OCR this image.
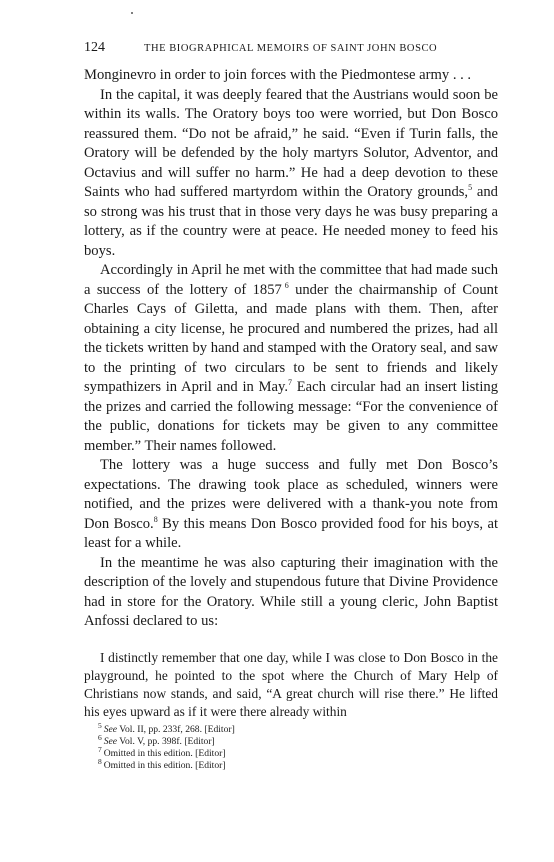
124	THE BIOGRAPHICAL MEMOIRS OF SAINT JOHN BOSCO

Monginevro in order to join forces with the Piedmontese army . . .

In the capital, it was deeply feared that the Austrians would soon be within its walls. The Oratory boys too were worried, but Don Bosco reassured them. “Do not be afraid,” he said. “Even if Turin falls, the Oratory will be defended by the holy martyrs Solutor, Adventor, and Octavius and will suffer no harm.” He had a deep devotion to these Saints who had suffered martyrdom within the Oratory grounds,$^5$ and so strong was his trust that in those very days he was busy preparing a lottery, as if the country were at peace. He needed money to feed his boys.

Accordingly in April he met with the committee that had made such a success of the lottery of 1857  $^6$ under the chairmanship of Count Charles Cays of Giletta, and made plans with them. Then, after obtaining a city license, he procured and numbered the prizes, had all the tickets written by hand and stamped with the Oratory seal, and saw to the printing of two circulars to be sent to friends and likely sympathizers in April and in May.$^7$ Each circular had an insert listing the prizes and carried the following message: “For the convenience of the public, donations for tickets may be given to any committee member.” Their names followed.

The lottery was a huge success and fully met Don Bosco’s expectations. The drawing took place as scheduled, winners were notified, and the prizes were delivered with a thank-you note from Don Bosco.$^8$ By this means Don Bosco provided food for his boys, at least for a while.

In the meantime he was also capturing their imagination with the description of the lovely and stupendous future that Divine Providence had in store for the Oratory. While still a young cleric, John Baptist Anfossi declared to us:

I distinctly remember that one day, while I was close to Don Bosco in the playground, he pointed to the spot where the Church of Mary Help of Christians now stands, and said, “A great church will rise there.” He lifted his eyes upward as if it were there already within

$^5$ See Vol. II, pp. 233f, 268. [Editor]
$^6$ See Vol. V, pp. 398f. [Editor]
$^7$ Omitted in this edition. [Editor]
$^8$ Omitted in this edition. [Editor]
